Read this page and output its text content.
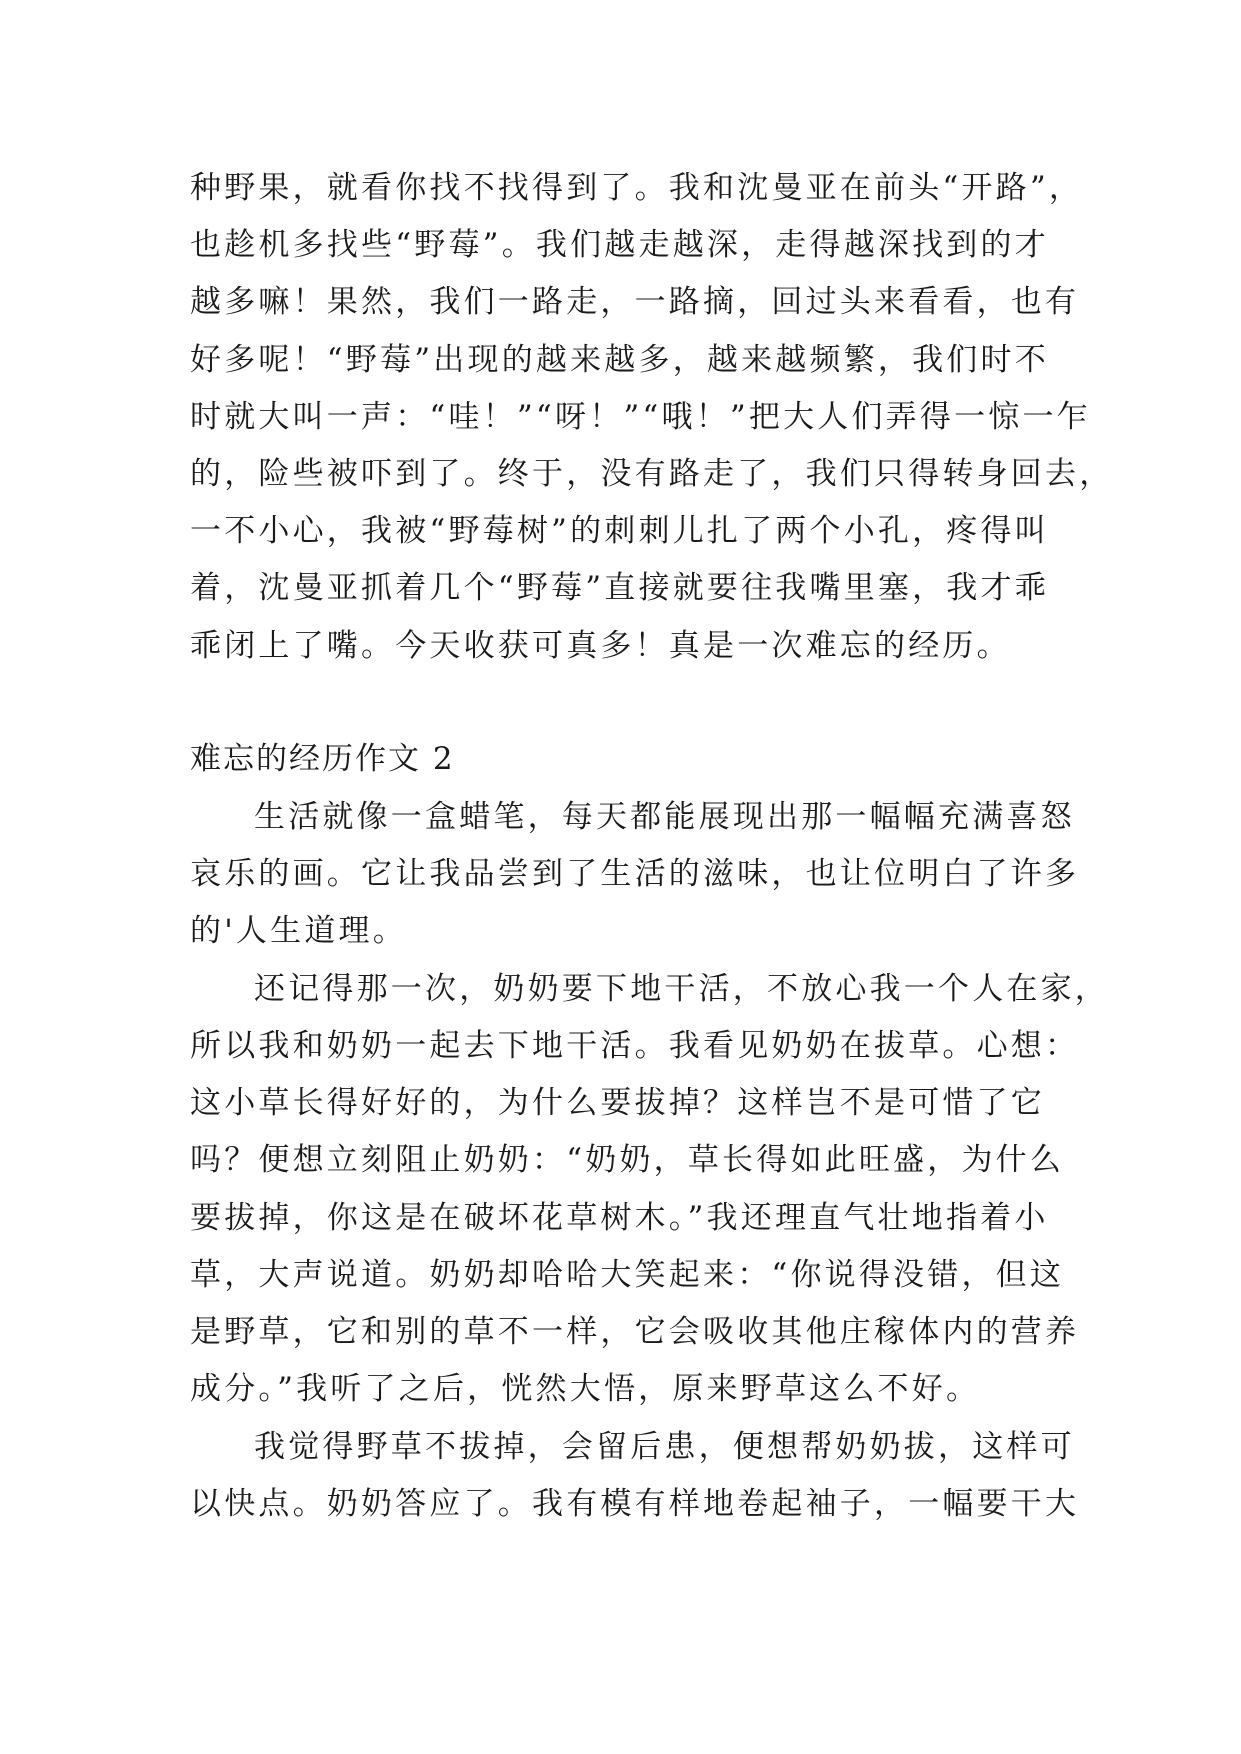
种野果，就看你找不找得到了。我和沈曼亚在前头“开路”，
也趁机多找些“野莓”。我们越走越深，走得越深找到的才
越多嘛！果然，我们一路走，一路摘，回过头来看看，也有
好多呢！“野莓”出现的越来越多，越来越频繁，我们时不
时就大叫一声：“哇！”“呀！”“哦！”把大人们弄得一惊一乍
的，险些被吓到了。终于，没有路走了，我们只得转身回去，
一不小心，我被“野莓树”的刺刺儿扎了两个小孔，疼得叫
着，沈曼亚抓着几个“野莓”直接就要往我嘴里塞，我才乖
乖闭上了嘴。今天收获可真多！真是一次难忘的经历。
难忘的经历作文 2
生活就像一盒蜡笔，每天都能展现出那一幅幅充满喜怒
哀乐的画。它让我品尝到了生活的滋味，也让位明白了许多
的'人生道理。
还记得那一次，奶奶要下地干活，不放心我一个人在家，
所以我和奶奶一起去下地干活。我看见奶奶在拔草。心想：
这小草长得好好的，为什么要拔掉？这样岂不是可惜了它
吗？便想立刻阻止奶奶：“奶奶，草长得如此旺盛，为什么
要拔掉，你这是在破坏花草树木。”我还理直气壮地指着小
草，大声说道。奶奶却哈哈大笑起来：“你说得没错，但这
是野草，它和别的草不一样，它会吸收其他庄稼体内的营养
成分。”我听了之后，恍然大悟，原来野草这么不好。
我觉得野草不拔掉，会留后患，便想帮奶奶拔，这样可
以快点。奶奶答应了。我有模有样地卷起袖子，一幅要干大
